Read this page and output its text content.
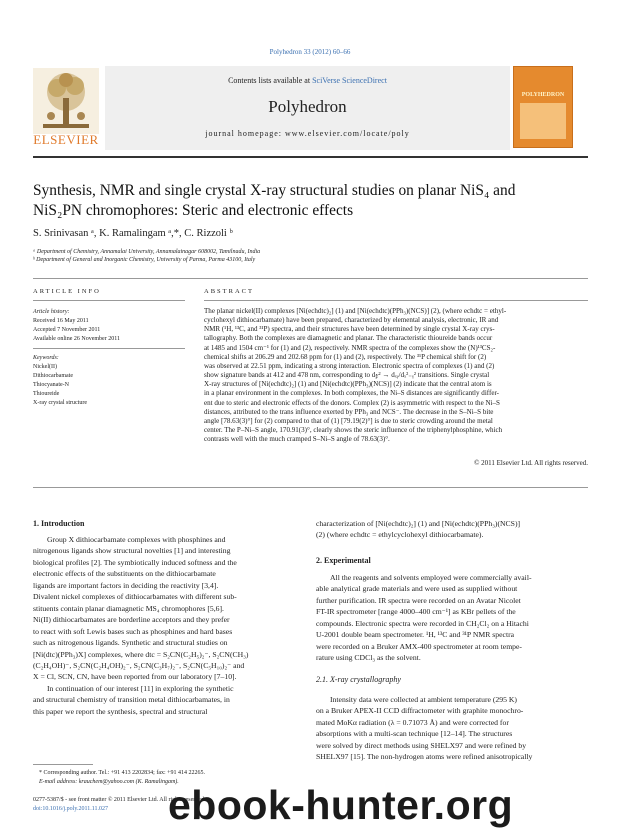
Polyhedron 33 (2012) 60–66
ELSEVIER
Contents lists available at SciVerse ScienceDirect
Polyhedron
journal homepage: www.elsevier.com/locate/poly
POLYHEDRON
Synthesis, NMR and single crystal X-ray structural studies on planar NiS₄ and
NiS₂PN chromophores: Steric and electronic effects
S. Srinivasan ᵃ, K. Ramalingam ᵃ,*, C. Rizzoli ᵇ
ᵃ Department of Chemistry, Annamalai University, Annamalainagar 608002, Tamilnadu, India
ᵇ Department of General and Inorganic Chemistry, University of Parma, Parma 43100, Italy
ARTICLE INFO
Article history:
Received 16 May 2011
Accepted 7 November 2011
Available online 26 November 2011
Keywords:
Nickel(II)
Dithiocarbamate
Thiocyanate-N
Thioureide
X-ray crystal structure
ABSTRACT
The planar nickel(II) complexes [Ni(echdtc)₂] (1) and [Ni(echdtc)(PPh₃)(NCS)] (2), (where echdtc = ethyl-
cyclohexyl dithiocarbamate) have been prepared, characterized by elemental analysis, electronic, IR and
NMR (¹H, ¹³C, and ³¹P) spectra, and their structures have been determined by single crystal X-ray crys-
tallography. Both the complexes are diamagnetic and planar. The characteristic thioureide bands occur
at 1485 and 1504 cm⁻¹ for (1) and (2), respectively. NMR spectra of the complexes show the (N)¹³CS₂-
chemical shifts at 206.29 and 202.68 ppm for (1) and (2), respectively. The ³¹P chemical shift for (2)
was observed at 22.51 ppm, indicating a strong interaction. Electronic spectra of complexes (1) and (2)
show signature bands at 412 and 478 nm, corresponding to d𝓏² → dₓᵧ/dₓ²₋ᵧ² transitions. Single crystal
X-ray structures of [Ni(echdtc)₂] (1) and [Ni(echdtc)(PPh₃)(NCS)] (2) indicate that the central atom is
in a planar environment in the complexes. In both complexes, the Ni–S distances are significantly differ-
ent due to steric and electronic effects of the donors. Complex (2) is asymmetric with respect to the Ni–S
distances, attributed to the trans influence exerted by PPh₃ and NCS⁻. The decrease in the S–Ni–S bite
angle [78.63(3)°] for (2) compared to that of (1) [79.19(2)°] is due to steric crowding around the metal
center. The P–Ni–S angle, 170.91(3)°, clearly shows the steric influence of the triphenylphosphine, which
contrasts well with the much cramped S–Ni–S angle of 78.63(3)°.
© 2011 Elsevier Ltd. All rights reserved.
1. Introduction
Group X dithiocarbamate complexes with phosphines and
nitrogenous ligands show structural novelties [1] and interesting
biological profiles [2]. The symbiotically induced softness and the
electronic effects of the substituents on the dithiocarbamate
ligands are important factors in deciding the reactivity [3,4].
Divalent nickel complexes of dithiocarbamates with different sub-
stituents contain planar diamagnetic MS₄ chromophores [5,6].
Ni(II) dithiocarbamates are borderline acceptors and they prefer
to react with soft Lewis bases such as phosphines and hard bases
such as nitrogenous ligands. Synthetic and structural studies on
[Ni(dtc)(PPh₃)X] complexes, where dtc = S₂CN(C₂H₅)₂⁻, S₂CN(CH₃)
(C₂H₄OH)⁻, S₂CN(C₂H₄OH)₂⁻, S₂CN(C₃H₇)₂⁻, S₂CN(C₅H₁₀)₂⁻ and
X = Cl, SCN, CN, have been reported from our laboratory [7–10].
In continuation of our interest [11] in exploring the synthetic
and structural chemistry of transition metal dithiocarbamates, in
this paper we report the synthesis, spectral and structural
* Corresponding author. Tel.: +91 413 2202834; fax: +91 414 22265.
E-mail address: krauchem@yahoo.com (K. Ramalingam).
0277-5387/$ - see front matter © 2011 Elsevier Ltd. All rights reserved.
doi:10.1016/j.poly.2011.11.027
characterization of [Ni(echdtc)₂] (1) and [Ni(echdtc)(PPh₃)(NCS)]
(2) (where echdtc = ethylcyclohexyl dithiocarbamate).
2. Experimental
All the reagents and solvents employed were commercially avail-
able analytical grade materials and were used as supplied without
further purification. IR spectra were recorded on an Avatar Nicolet
FT-IR spectrometer [range 4000–400 cm⁻¹] as KBr pellets of the
compounds. Electronic spectra were recorded in CH₂Cl₂ on a Hitachi
U-2001 double beam spectrometer. ¹H, ¹³C and ³¹P NMR spectra
were recorded on a Bruker AMX-400 spectrometer at room tempe-
rature using CDCl₃ as the solvent.
2.1. X-ray crystallography
Intensity data were collected at ambient temperature (295 K)
on a Bruker APEX-II CCD diffractometer with graphite monochro-
mated MoKα radiation (λ = 0.71073 Å) and were corrected for
absorptions with a multi-scan technique [12–14]. The structures
were solved by direct methods using SHELX97 and were refined by
SHELX97 [15]. The non-hydrogen atoms were refined anisotropically
ebook-hunter.org
